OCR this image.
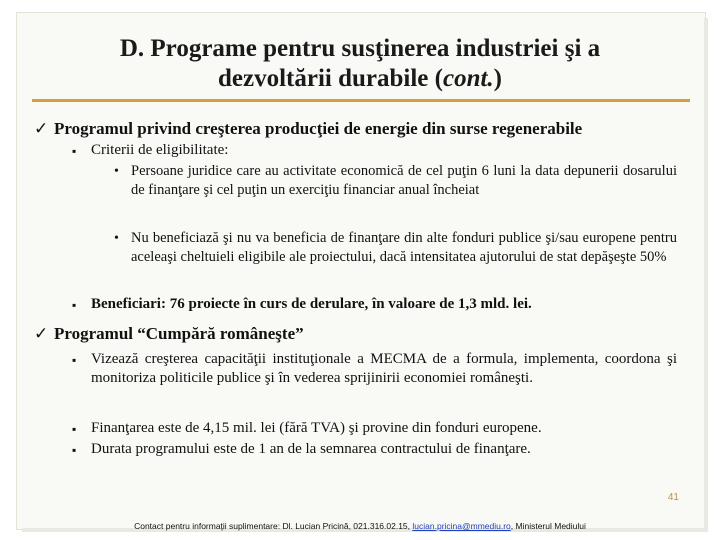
D. Programe pentru susţinerea industriei şi a
dezvoltării durabile (cont.)
✓ Programul privind creşterea producţiei de energie din surse regenerabile
▪ Criterii de eligibilitate:
• Persoane juridice care au activitate economică de cel puţin 6 luni la data depunerii dosarului de finanţare şi cel puţin un exerciţiu financiar anual încheiat
• Nu beneficiază şi nu va beneficia de finanţare din alte fonduri publice şi/sau europene pentru aceleaşi cheltuieli eligibile ale proiectului, dacă intensitatea ajutorului de stat depăşeşte 50%
▪ Beneficiari: 76 proiecte în curs de derulare, în valoare de 1,3 mld. lei.
✓ Programul “Cumpără româneşte”
▪ Vizează creşterea capacităţii instituţionale a MECMA de a formula, implementa, coordona şi monitoriza politicile publice şi în vederea sprijinirii economiei româneşti.
▪ Finanţarea este de 4,15 mil. lei (fără TVA) şi provine din fonduri europene.
▪ Durata programului este de 1 an de la semnarea contractului de finanţare.
41
Contact pentru informaţii suplimentare: Dl. Lucian Pricină, 021.316.02.15, lucian.pricina@mmediu.ro, Ministerul Mediului
